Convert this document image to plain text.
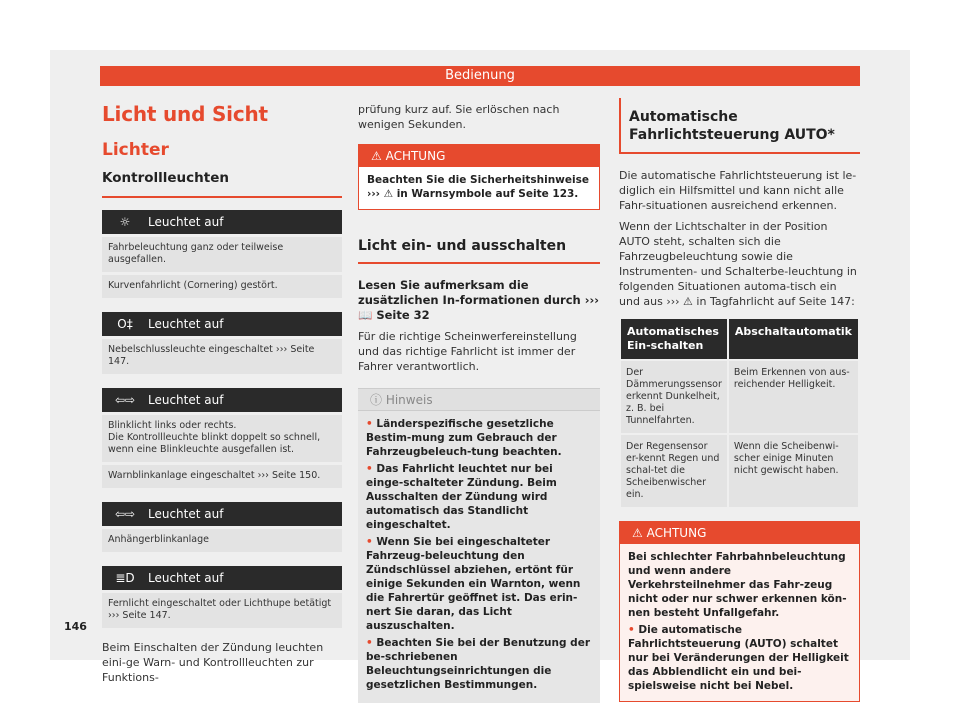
Bedienung
Licht und Sicht
Lichter
Kontrollleuchten
☼	Leuchtet auf
Fahrbeleuchtung ganz oder teilweise ausgefallen.
Kurvenfahrlicht (Cornering) gestört.
O‡	Leuchtet auf
Nebelschlussleuchte eingeschaltet ››› Seite 147.
⇦⇨	Leuchtet auf
Blinklicht links oder rechts.
Die Kontrollleuchte blinkt doppelt so schnell, wenn eine Blinkleuchte ausgefallen ist.
Warnblinkanlage eingeschaltet ››› Seite 150.
⇦⇨	Leuchtet auf
Anhängerblinkanlage
≣D	Leuchtet auf
Fernlicht eingeschaltet oder Lichthupe betätigt
››› Seite 147.

Beim Einschalten der Zündung leuchten eini-ge Warn- und Kontrollleuchten zur Funktions-

prüfung kurz auf. Sie erlöschen nach wenigen Sekunden.

⚠ ACHTUNG
Beachten Sie die Sicherheitshinweise ››› ⚠ in Warnsymbole auf Seite 123.
Licht ein- und ausschalten
Lesen Sie aufmerksam die zusätzlichen In-formationen durch ››› 📖 Seite 32

Für die richtige Scheinwerfereinstellung und das richtige Fahrlicht ist immer der Fahrer verantwortlich.

ⓘ Hinweis

• Länderspezifische gesetzliche Bestim-mung zum Gebrauch der Fahrzeugbeleuch-tung beachten.

• Das Fahrlicht leuchtet nur bei einge-schalteter Zündung. Beim Ausschalten der Zündung wird automatisch das Standlicht eingeschaltet.

• Wenn Sie bei eingeschalteter Fahrzeug-beleuchtung den Zündschlüssel abziehen, ertönt für einige Sekunden ein Warnton, wenn die Fahrertür geöffnet ist. Das erin-nert Sie daran, das Licht auszuschalten.

• Beachten Sie bei der Benutzung der be-schriebenen Beleuchtungseinrichtungen die gesetzlichen Bestimmungen.

Automatische Fahrlichtsteuerung AUTO*

Die automatische Fahrlichtsteuerung ist le-diglich ein Hilfsmittel und kann nicht alle Fahr-situationen ausreichend erkennen.

Wenn der Lichtschalter in der Position AUTO steht, schalten sich die Fahrzeugbeleuchtung sowie die Instrumenten- und Schalterbe-leuchtung in folgenden Situationen automa-tisch ein und aus ››› ⚠ in Tagfahrlicht auf Seite 147:

Automatisches Ein-schalten	Abschaltautomatik
Der Dämmerungssensor erkennt Dunkelheit, z. B. bei Tunnelfahrten.	Beim Erkennen von aus-reichender Helligkeit.
Der Regensensor er-kennt Regen und schal-tet die Scheibenwischer ein.	Wenn die Scheibenwi-scher einige Minuten nicht gewischt haben.
⚠ ACHTUNG

Bei schlechter Fahrbahnbeleuchtung und wenn andere Verkehrsteilnehmer das Fahr-zeug nicht oder nur schwer erkennen kön-nen besteht Unfallgefahr.

• Die automatische Fahrlichtsteuerung (AUTO) schaltet nur bei Veränderungen der Helligkeit das Abblendlicht ein und bei-spielsweise nicht bei Nebel.

146
